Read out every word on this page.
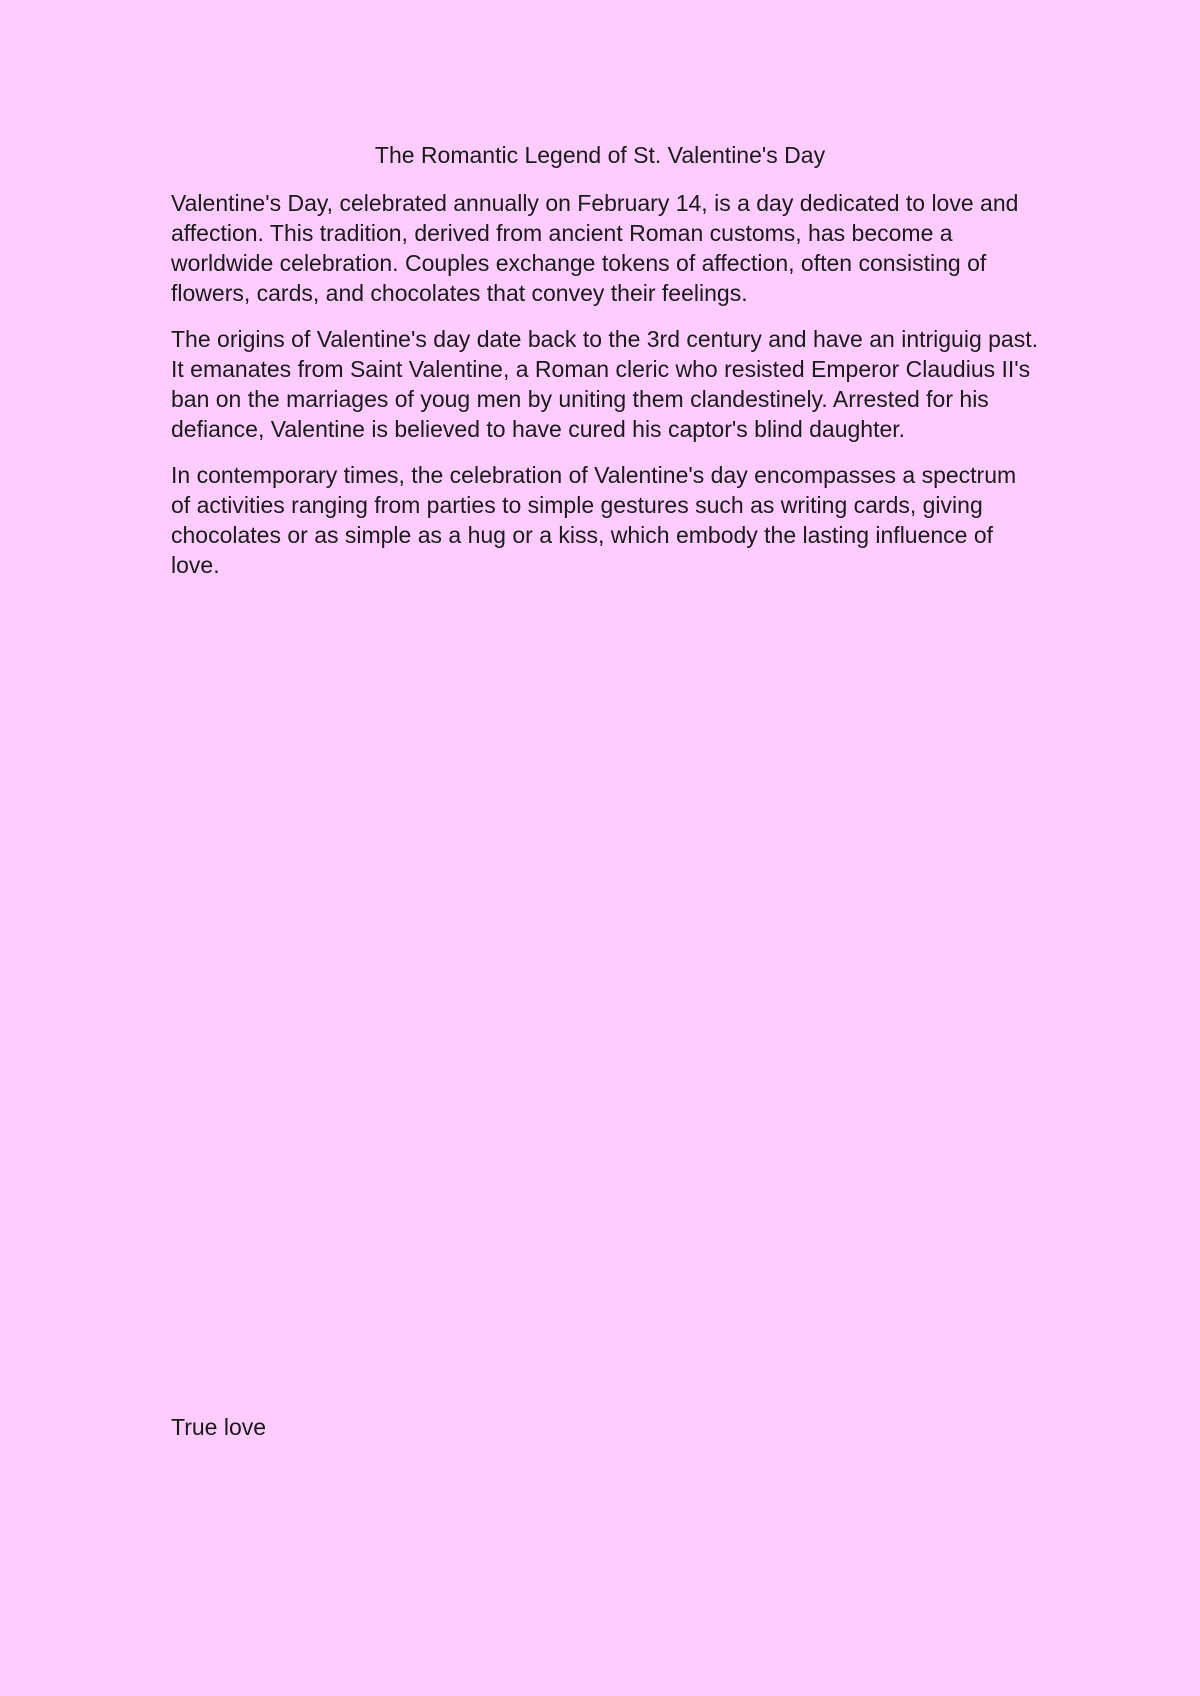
The Romantic Legend of St. Valentine's Day

Valentine's Day, celebrated annually on February 14, is a day dedicated to love and affection. This tradition, derived from ancient Roman customs, has become a worldwide celebration. Couples exchange tokens of affection, often consisting of flowers, cards, and chocolates that convey their feelings.

The origins of Valentine's day date back to the 3rd century and have an intriguig past. It emanates from Saint Valentine, a Roman cleric who resisted Emperor Claudius II's ban on the marriages of youg men by uniting them clandestinely. Arrested for his defiance, Valentine is believed to have cured his captor's blind daughter.

In contemporary times, the celebration of Valentine's day encompasses a spectrum of activities ranging from parties to simple gestures such as writing cards, giving chocolates or as simple as a hug or a kiss, which embody the lasting influence of love.

True love
